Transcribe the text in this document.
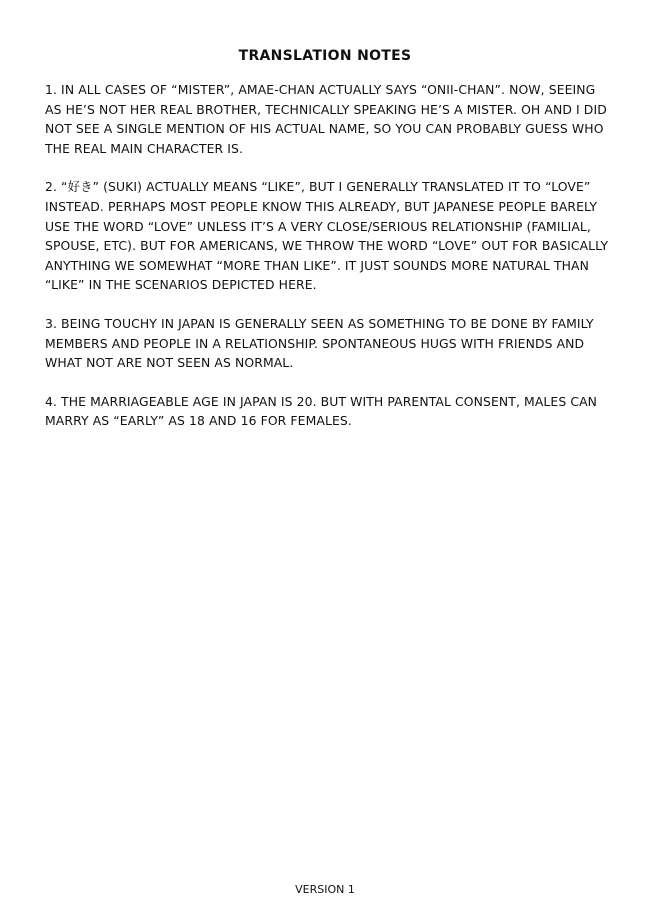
TRANSLATION NOTES

1. IN ALL CASES OF “MISTER”, AMAE-CHAN ACTUALLY SAYS “ONII-CHAN”. NOW, SEEING AS HE’S NOT HER REAL BROTHER, TECHNICALLY SPEAKING HE’S A MISTER. OH AND I DID NOT SEE A SINGLE MENTION OF HIS ACTUAL NAME, SO YOU CAN PROBABLY GUESS WHO THE REAL MAIN CHARACTER IS.

2. “好き” (SUKI) ACTUALLY MEANS “LIKE”, BUT I GENERALLY TRANSLATED IT TO “LOVE” INSTEAD. PERHAPS MOST PEOPLE KNOW THIS ALREADY, BUT JAPANESE PEOPLE BARELY USE THE WORD “LOVE” UNLESS IT’S A VERY CLOSE/SERIOUS RELATIONSHIP (FAMILIAL, SPOUSE, ETC). BUT FOR AMERICANS, WE THROW THE WORD “LOVE” OUT FOR BASICALLY ANYTHING WE SOMEWHAT “MORE THAN LIKE”. IT JUST SOUNDS MORE NATURAL THAN “LIKE” IN THE SCENARIOS DEPICTED HERE.

3. BEING TOUCHY IN JAPAN IS GENERALLY SEEN AS SOMETHING TO BE DONE BY FAMILY MEMBERS AND PEOPLE IN A RELATIONSHIP. SPONTANEOUS HUGS WITH FRIENDS AND WHAT NOT ARE NOT SEEN AS NORMAL.

4. THE MARRIAGEABLE AGE IN JAPAN IS 20. BUT WITH PARENTAL CONSENT, MALES CAN MARRY AS “EARLY” AS 18 AND 16 FOR FEMALES.

VERSION 1
